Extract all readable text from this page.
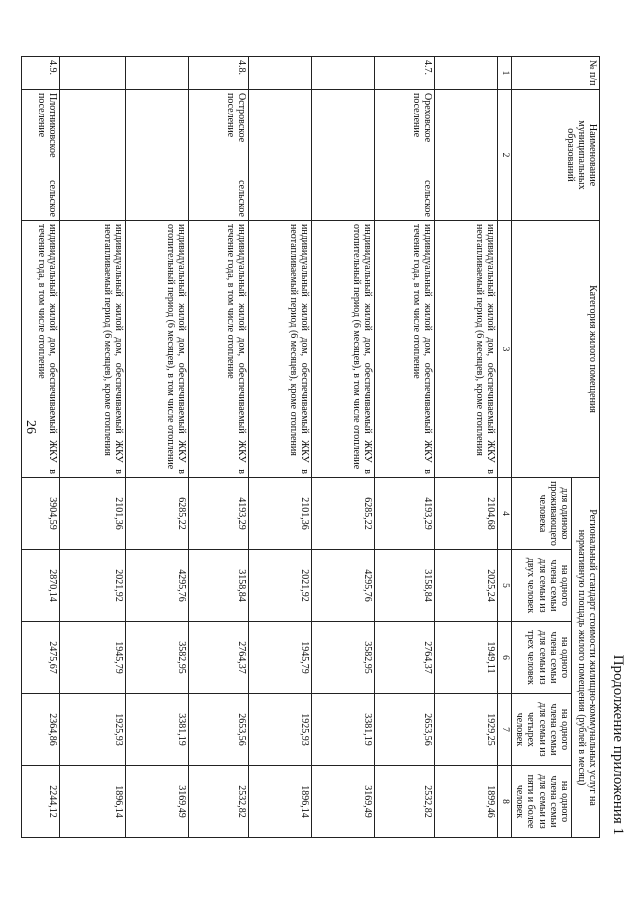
26
Продолжение приложения 1
№ п/п	Наименование муниципальных образований	Категория жилого помещения	Региональный стандарт стоимости жилищно-коммунальных услуг на нормативную площадь жилого помещения (рублей в месяц)				
			для одиноко проживающего человека	на одного члена семьи для семьи из двух человек	на одного члена семьи для семьи из трех человек	на одного члена семьи для семьи из четырех человек	на одного члена семьи для семьи из пяти и более человек
1	2	3	4	5	6	7	8
		индивидуальный жилой дом, обеспечиваемый ЖКУ в неотапливаемый период (6 месяцев), кроме отопления	2104,68	2025,24	1949,11	1929,25	1899,46
4.7.	Ореховское сельское поселение	индивидуальный жилой дом, обеспечиваемый ЖКУ в течение года, в том числе отопление	4193,29	3158,84	2764,37	2653,56	2532,82
		индивидуальный жилой дом, обеспечиваемый ЖКУ в отопительный период (6 месяцев), в том числе отопление	6285,22	4295,76	3582,95	3381,19	3169,49
		индивидуальный жилой дом, обеспечиваемый ЖКУ в неотапливаемый период (6 месяцев), кроме отопления	2101,36	2021,92	1945,79	1925,93	1896,14
4.8.	Островское сельское поселение	индивидуальный жилой дом, обеспечиваемый ЖКУ в течение года, в том числе отопление	4193,29	3158,84	2764,37	2653,56	2532,82
		индивидуальный жилой дом, обеспечиваемый ЖКУ в отопительный период (6 месяцев), в том числе отопление	6285,22	4295,76	3582,95	3381,19	3169,49
		индивидуальный жилой дом, обеспечиваемый ЖКУ в неотапливаемый период (6 месяцев), кроме отопления	2101,36	2021,92	1945,79	1925,93	1896,14
4.9.	Плотниковское сельское поселение	индивидуальный жилой дом, обеспечиваемый ЖКУ в течение года, в том числе отопление	3904,59	2870,14	2475,67	2364,86	2244,12
